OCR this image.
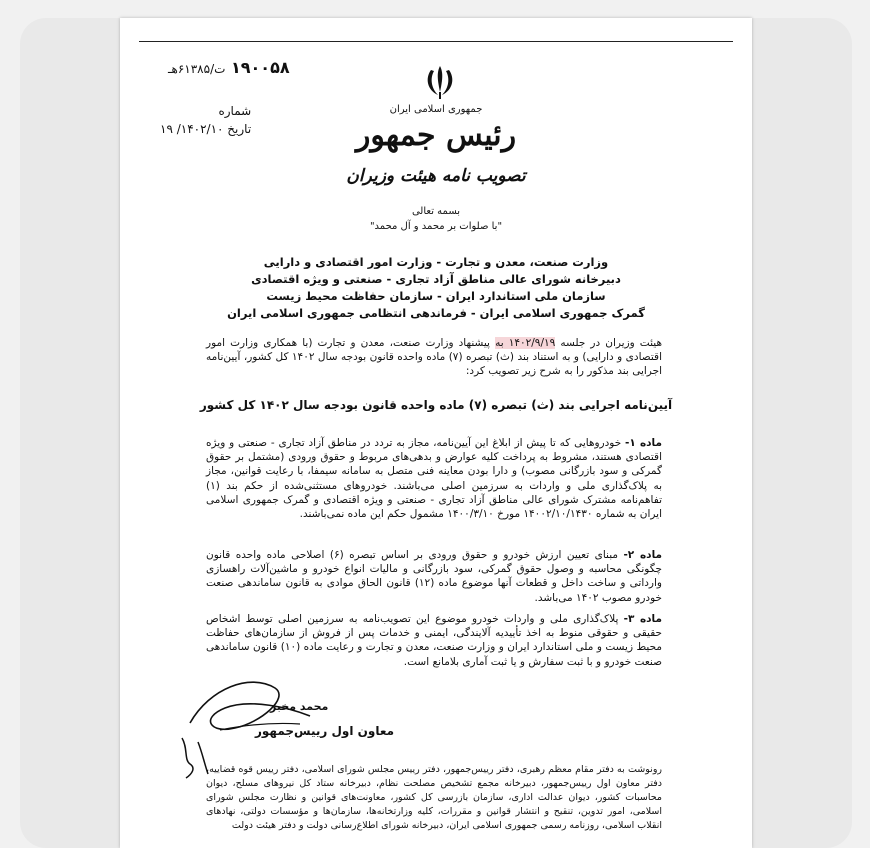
۱۹۰۰۵۸ ت/۶۱۳۸۵هـ
شماره
تاریخ ۱۴۰۲/۱۰/ ۱۹
جمهوری اسلامی ایران
رئیس جمهور
تصویب نامه هیئت وزیران
بسمه تعالی
"با صلوات بر محمد و آل محمد"
وزارت صنعت، معدن و تجارت - وزارت امور اقتصادی و دارایی
دبیرخانه شورای عالی مناطق آزاد تجاری - صنعتی و ویژه اقتصادی
سازمان ملی استاندارد ایران - سازمان حفاظت محیط زیست
گمرک جمهوری اسلامی ایران - فرماندهی انتظامی جمهوری اسلامی ایران
هیئت وزیران در جلسه ۱۴۰۲/۹/۱۹ به پیشنهاد وزارت صنعت، معدن و تجارت (با همکاری وزارت امور اقتصادی و دارایی) و به استناد بند (ث) تبصره (۷) ماده واحده قانون بودجه سال ۱۴۰۲ کل کشور، آیین‌نامه اجرایی بند مذکور را به شرح زیر تصویب کرد:
آیین‌نامه اجرایی بند (ث) تبصره (۷) ماده واحده قانون بودجه سال ۱۴۰۲ کل کشور
ماده ۱- خودروهایی که تا پیش از ابلاغ این آیین‌نامه، مجاز به تردد در مناطق آزاد تجاری - صنعتی و ویژه اقتصادی هستند، مشروط به پرداخت کلیه عوارض و بدهی‌های مربوط و حقوق ورودی (مشتمل بر حقوق گمرکی و سود بازرگانی مصوب) و دارا بودن معاینه فنی متصل به سامانه سیمفا، با رعایت قوانین، مجاز به پلاک‌گذاری ملی و واردات به سرزمین اصلی می‌باشند. خودروهای مستثنی‌شده از حکم بند (۱) تفاهم‌نامه مشترک شورای عالی مناطق آزاد تجاری - صنعتی و ویژه اقتصادی و گمرک جمهوری اسلامی ایران به شماره ۱۴۰۰۲/۱۰/۱۴۳۰ مورخ ۱۴۰۰/۳/۱۰ مشمول حکم این ماده نمی‌باشند.
ماده ۲- مبنای تعیین ارزش خودرو و حقوق ورودی بر اساس تبصره (۶) اصلاحی ماده واحده قانون چگونگی محاسبه و وصول حقوق گمرکی، سود بازرگانی و مالیات انواع خودرو و ماشین‌آلات راهسازی وارداتی و ساخت داخل و قطعات آنها موضوع ماده (۱۲) قانون الحاق موادی به قانون ساماندهی صنعت خودرو مصوب ۱۴۰۲ می‌باشد.
ماده ۳- پلاک‌گذاری ملی و واردات خودرو موضوع این تصویب‌نامه به سرزمین اصلی توسط اشخاص حقیقی و حقوقی منوط به اخذ تأییدیه آلایندگی، ایمنی و خدمات پس از فروش از سازمان‌های حفاظت محیط زیست و ملی استاندارد ایران و وزارت صنعت، معدن و تجارت و رعایت ماده (۱۰) قانون ساماندهی صنعت خودرو و با ثبت سفارش و یا ثبت آماری بلامانع است.
محمد مخبر
معاون اول رییس‌جمهور
رونوشت به دفتر مقام معظم رهبری، دفتر رییس‌جمهور، دفتر رییس مجلس شورای اسلامی، دفتر رییس قوه قضاییه، دفتر معاون اول رییس‌جمهور، دبیرخانه مجمع تشخیص مصلحت نظام، دبیرخانه ستاد کل نیروهای مسلح، دیوان محاسبات کشور، دیوان عدالت اداری، سازمان بازرسی کل کشور، معاونت‌های قوانین و نظارت مجلس شورای اسلامی، امور تدوین، تنقیح و انتشار قوانین و مقررات، کلیه وزارتخانه‌ها، سازمان‌ها و مؤسسات دولتی، نهادهای انقلاب اسلامی، روزنامه رسمی جمهوری اسلامی ایران، دبیرخانه شورای اطلاع‌رسانی دولت و دفتر هیئت دولت
